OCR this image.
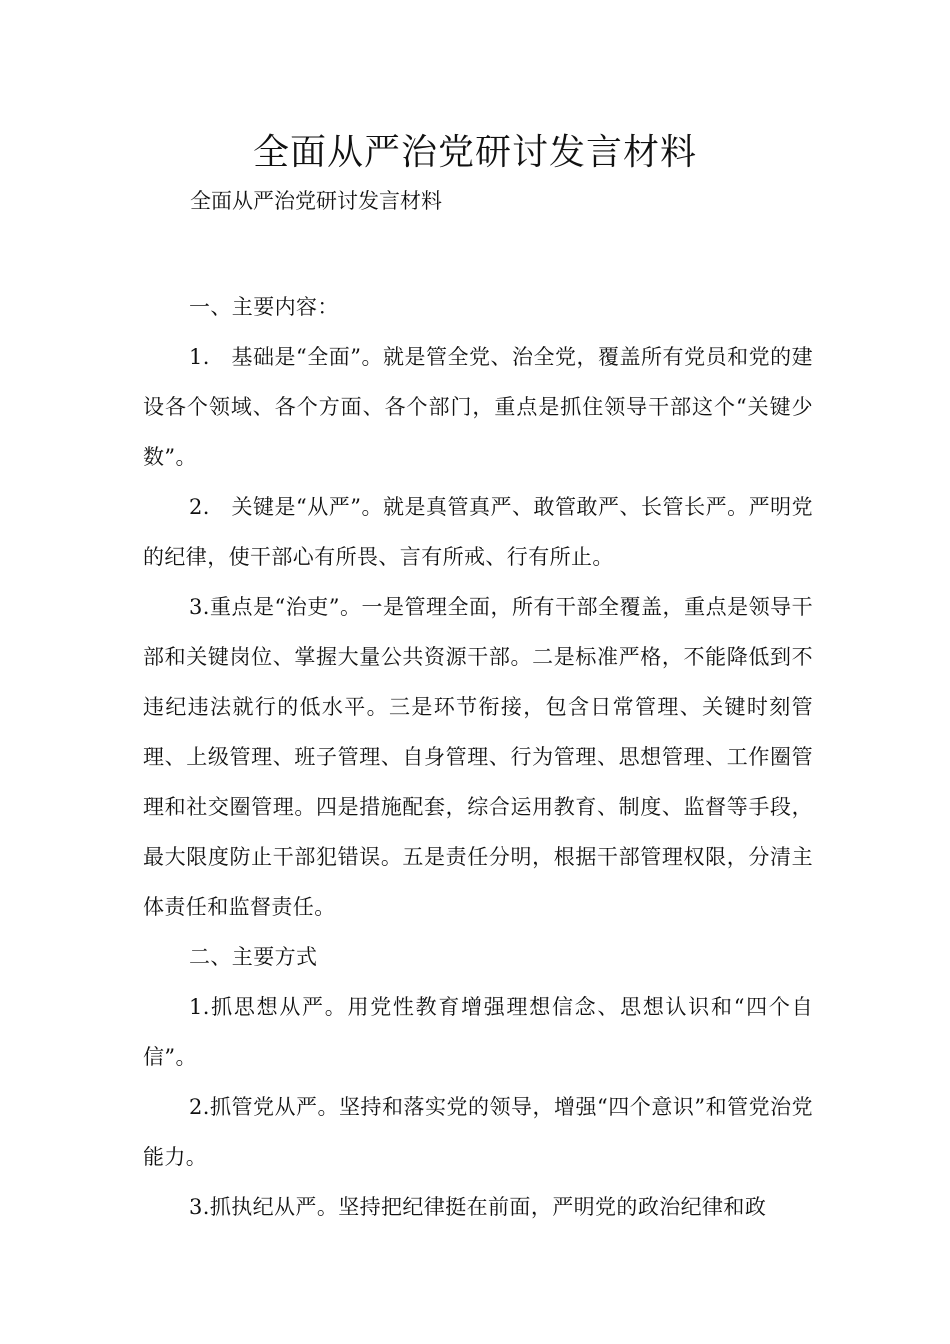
全面从严治党研讨发言材料
全面从严治党研讨发言材料

一、主要内容：

1.　基础是“全面”。就是管全党、治全党，覆盖所有党员和党的建设各个领域、各个方面、各个部门，重点是抓住领导干部这个“关键少数”。

2.　关键是“从严”。就是真管真严、敢管敢严、长管长严。严明党的纪律，使干部心有所畏、言有所戒、行有所止。

3.重点是“治吏”。一是管理全面，所有干部全覆盖，重点是领导干部和关键岗位、掌握大量公共资源干部。二是标准严格，不能降低到不违纪违法就行的低水平。三是环节衔接，包含日常管理、关键时刻管理、上级管理、班子管理、自身管理、行为管理、思想管理、工作圈管理和社交圈管理。四是措施配套，综合运用教育、制度、监督等手段，最大限度防止干部犯错误。五是责任分明，根据干部管理权限，分清主体责任和监督责任。

二、主要方式

1.抓思想从严。用党性教育增强理想信念、思想认识和“四个自信”。

2.抓管党从严。坚持和落实党的领导，增强“四个意识”和管党治党能力。

3.抓执纪从严。坚持把纪律挺在前面，严明党的政治纪律和政
